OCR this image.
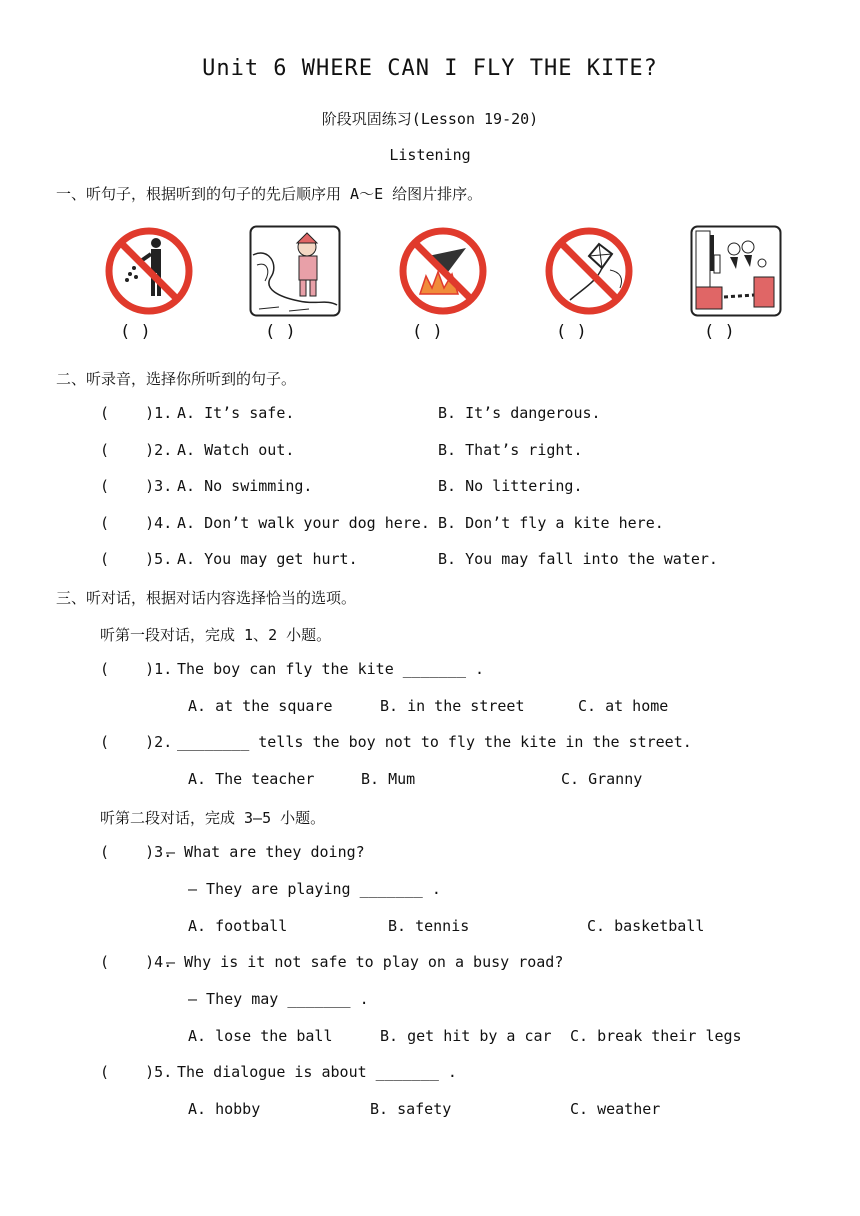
Unit 6 WHERE CAN I FLY THE KITE?
阶段巩固练习(Lesson 19-20)
Listening
一、听句子，根据听到的句子的先后顺序用 A～E 给图片排序。
( )	( )	( )	( )	( )
二、听录音，选择你所听到的句子。
(    )1. A. It’s safe.	B. It’s dangerous.
(    )2. A. Watch out.	B. That’s right.
(    )3. A. No swimming.	B. No littering.
(    )4. A. Don’t walk your dog here. B. Don’t fly a kite here.
(    )5. A. You may get hurt.	B. You may fall into the water.
三、听对话，根据对话内容选择恰当的选项。
听第一段对话，完成 1、2 小题。
(    )1. The boy can fly the kite _______ .
A. at the square	B. in the street	C. at home
(    )2. ________ tells the boy not to fly the kite in the street.
A. The teacher	B. Mum	C. Granny
听第二段对话，完成 3—5 小题。
(    )3.
— What are they doing?
— They are playing _______ .
A. football	B. tennis	C. basketball
(    )4.
— Why is it not safe to play on a busy road?
— They may _______ .
A. lose the ball	B. get hit by a car C. break their legs
(    )5. The dialogue is about _______ .
A. hobby	B. safety	C. weather
